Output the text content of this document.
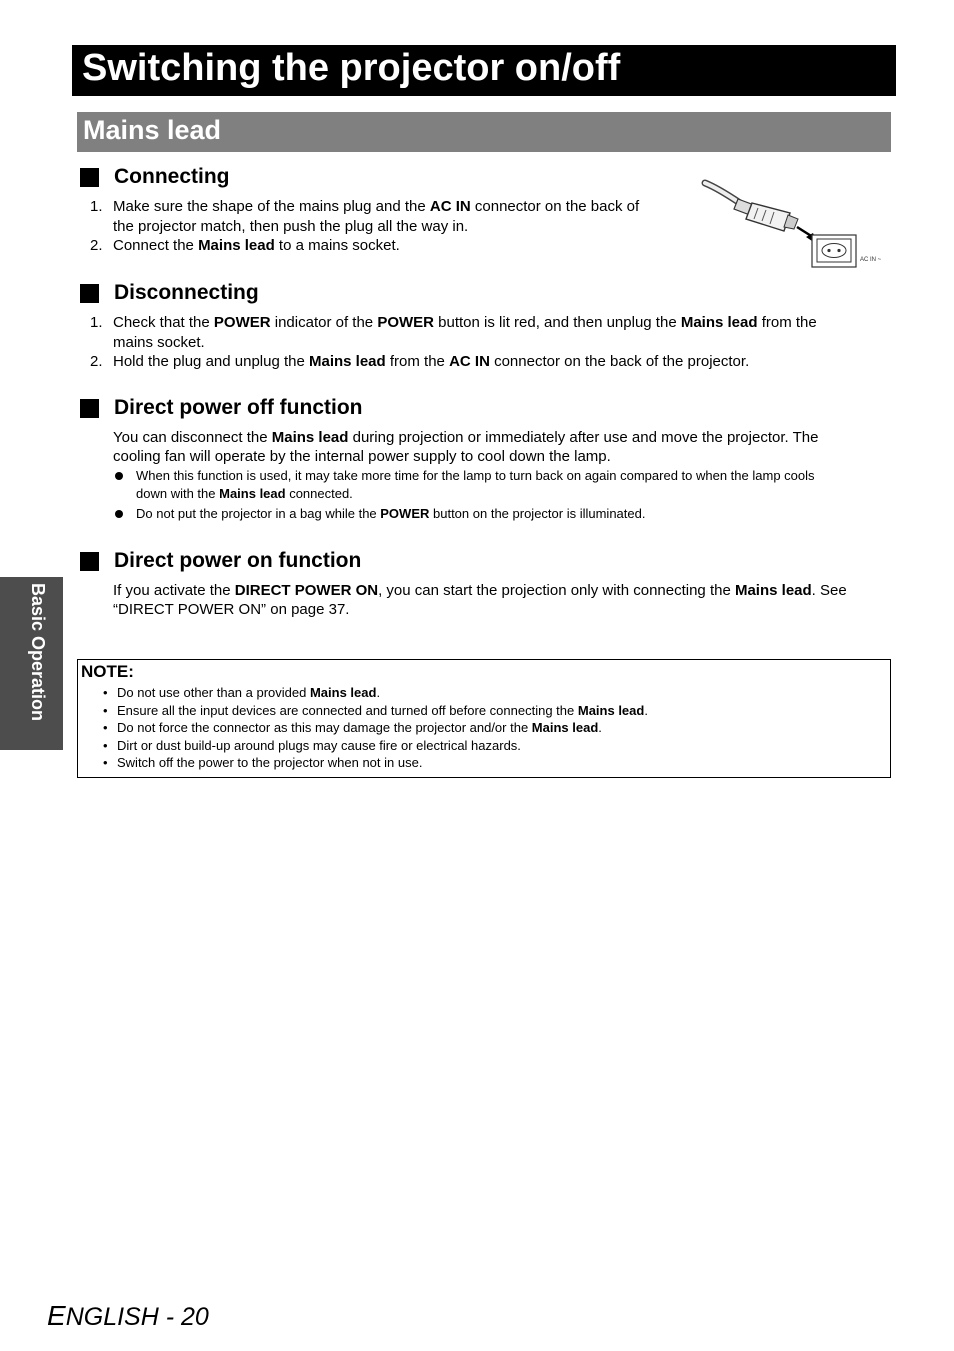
Switching the projector on/off
Mains lead
Connecting
1. Make sure the shape of the mains plug and the AC IN connector on the back of
the projector match, then push the plug all the way in.
2. Connect the Mains lead to a mains socket.
AC IN ~
Disconnecting
1. Check that the POWER indicator of the POWER button is lit red, and then unplug the Mains lead from the
mains socket.
2. Hold the plug and unplug the Mains lead from the AC IN connector on the back of the projector.
Direct power off function
You can disconnect the Mains lead during projection or immediately after use and move the projector. The
cooling fan will operate by the internal power supply to cool down the lamp.
When this function is used, it may take more time for the lamp to turn back on again compared to when the lamp cools
down with the Mains lead connected.
Do not put the projector in a bag while the POWER button on the projector is illuminated.
Direct power on function
If you activate the DIRECT POWER ON, you can start the projection only with connecting the Mains lead. See
“DIRECT POWER ON” on page 37.
NOTE:
• Do not use other than a provided Mains lead.
• Ensure all the input devices are connected and turned off before connecting the Mains lead.
• Do not force the connector as this may damage the projector and/or the Mains lead.
• Dirt or dust build-up around plugs may cause fire or electrical hazards.
• Switch off the power to the projector when not in use.
Basic Operation
ENGLISH - 20
